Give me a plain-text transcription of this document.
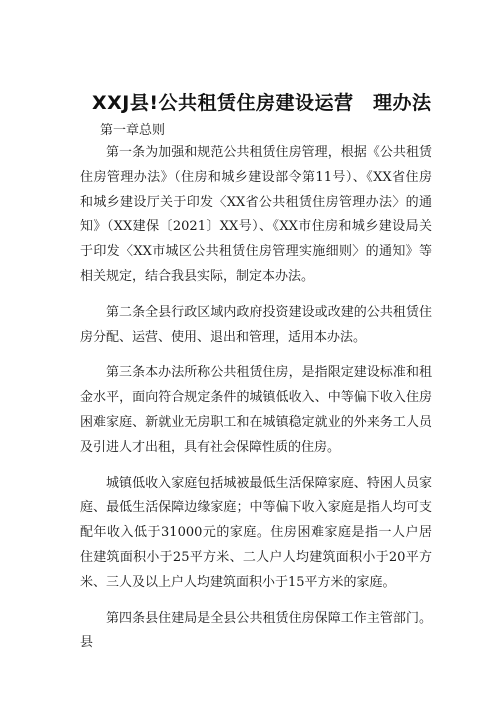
XXJ县!公共租赁住房建设运营　理办法
第一章总则

第一条为加强和规范公共租赁住房管理，根据《公共租赁住房管理办法》（住房和城乡建设部令第11号）、《XX省住房和城乡建设厅关于印发〈XX省公共租赁住房管理办法〉的通知》（XX建保〔2021〕XX号）、《XX市住房和城乡建设局关于印发〈XX市城区公共租赁住房管理实施细则〉的通知》等相关规定，结合我县实际，制定本办法。

第二条全县行政区域内政府投资建设或改建的公共租赁住房分配、运营、使用、退出和管理，适用本办法。

第三条本办法所称公共租赁住房，是指限定建设标准和租金水平，面向符合规定条件的城镇低收入、中等偏下收入住房困难家庭、新就业无房职工和在城镇稳定就业的外来务工人员及引进人才出租，具有社会保障性质的住房。

城镇低收入家庭包括城被最低生活保障家庭、特困人员家庭、最低生活保障边缘家庭；中等偏下收入家庭是指人均可支配年收入低于31000元的家庭。住房困难家庭是指一人户居住建筑面积小于25平方米、二人户人均建筑面积小于20平方米、三人及以上户人均建筑面积小于15平方米的家庭。

第四条县住建局是全县公共租赁住房保障工作主管部门。县
